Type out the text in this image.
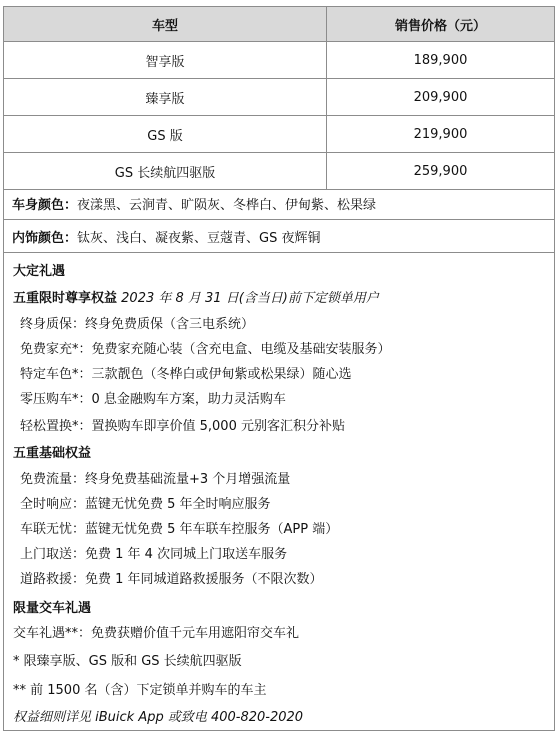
车型	销售价格（元）
智享版	189,900
臻享版	209,900
GS 版	219,900
GS 长续航四驱版	259,900
车身颜色： 夜漾黑、云涧青、旷陨灰、冬桦白、伊甸紫、松果绿
内饰颜色： 钛灰、浅白、凝夜紫、豆蔻青、GS 夜辉铜
大定礼遇
五重限时尊享权益 2023 年 8 月 31 日(含当日)前下定锁单用户
终身质保：终身免费质保（含三电系统）
免费家充*：免费家充随心装（含充电盒、电缆及基础安装服务）
特定车色*：三款靓色（冬桦白或伊甸紫或松果绿）随心选
零压购车*：0 息金融购车方案，助力灵活购车
轻松置换*：置换购车即享价值 5,000 元别客汇积分补贴
五重基础权益
免费流量：终身免费基础流量+3 个月增强流量
全时响应：蓝键无忧免费 5 年全时响应服务
车联无忧：蓝键无忧免费 5 年车联车控服务（APP 端）
上门取送：免费 1 年 4 次同城上门取送车服务
道路救援：免费 1 年同城道路救援服务（不限次数）
限量交车礼遇
交车礼遇**：免费获赠价值千元车用遮阳帘交车礼
* 限臻享版、GS 版和 GS 长续航四驱版
** 前 1500 名（含）下定锁单并购车的车主
权益细则详见 iBuick App 或致电 400-820-2020
